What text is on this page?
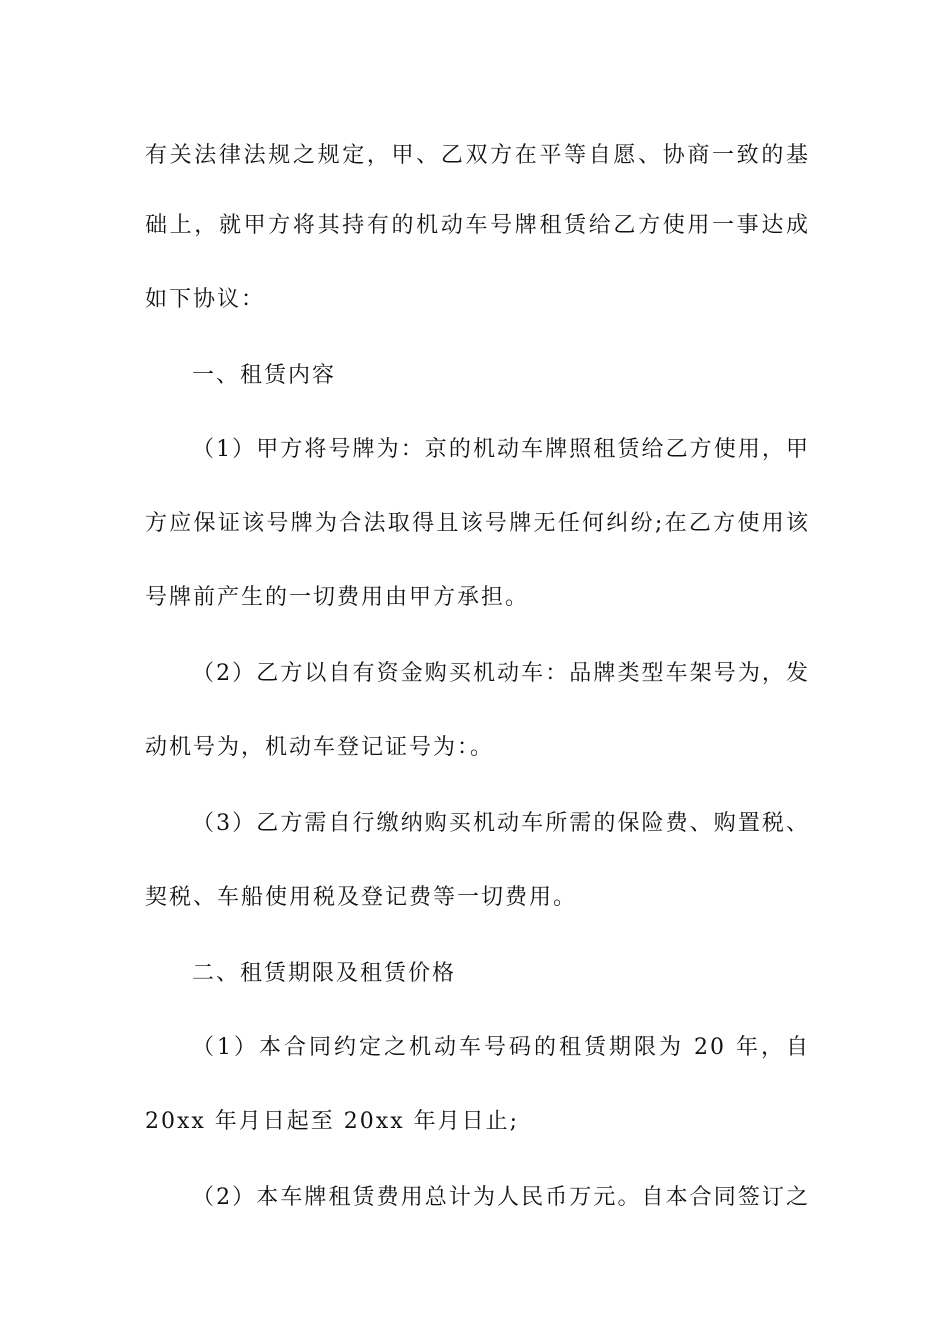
有关法律法规之规定，甲、乙双方在平等自愿、协商一致的基
础上，就甲方将其持有的机动车号牌租赁给乙方使用一事达成
如下协议：
一、租赁内容
（1）甲方将号牌为：京的机动车牌照租赁给乙方使用，甲
方应保证该号牌为合法取得且该号牌无任何纠纷;在乙方使用该
号牌前产生的一切费用由甲方承担。
（2）乙方以自有资金购买机动车：品牌类型车架号为，发
动机号为，机动车登记证号为：。
（3）乙方需自行缴纳购买机动车所需的保险费、购置税、
契税、车船使用税及登记费等一切费用。
二、租赁期限及租赁价格
（1）本合同约定之机动车号码的租赁期限为 20 年，自
20xx 年月日起至 20xx 年月日止;
（2）本车牌租赁费用总计为人民币万元。自本合同签订之
